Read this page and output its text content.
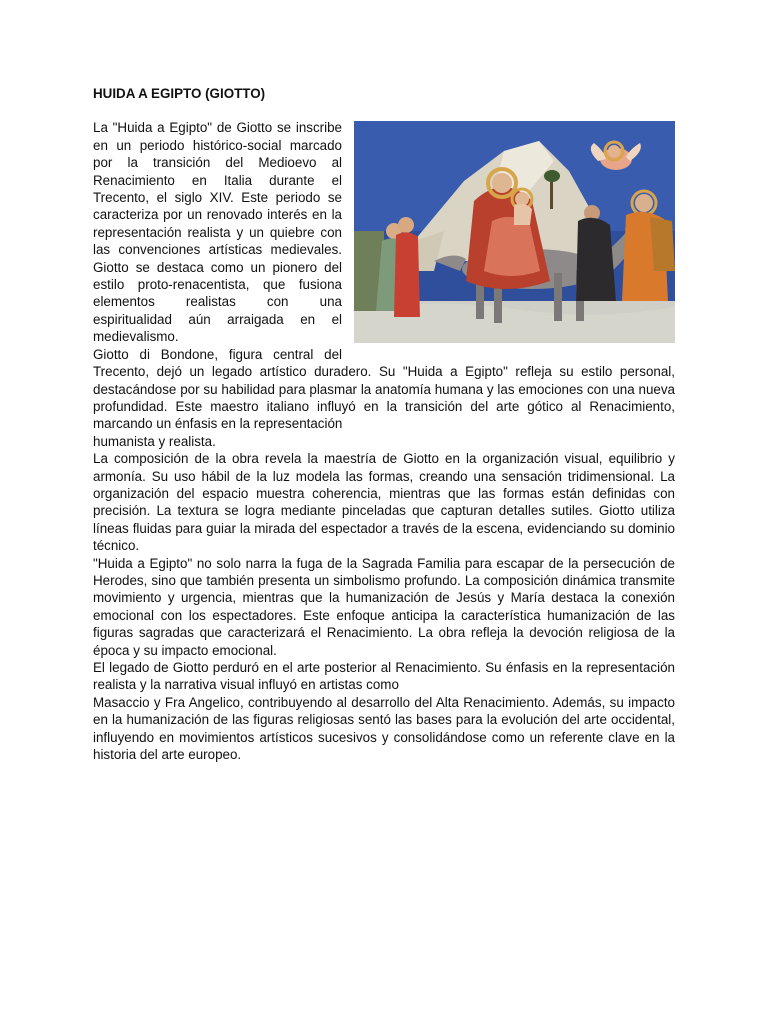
HUIDA A EGIPTO (GIOTTO)

La "Huida a Egipto" de Giotto se inscribe en un periodo histórico-social marcado por la transición del Medioevo al Renacimiento en Italia durante el Trecento, el siglo XIV. Este periodo se caracteriza por un renovado interés en la representación realista y un quiebre con las convenciones artísticas medievales. Giotto se destaca como un pionero del estilo proto-renacentista, que fusiona elementos realistas con una espiritualidad aún arraigada en el medievalismo.

Giotto di Bondone, figura central del Trecento, dejó un legado artístico duradero. Su "Huida a Egipto" refleja su estilo personal, destacándose por su habilidad para plasmar la anatomía humana y las emociones con una nueva profundidad. Este maestro italiano influyó en la transición del arte gótico al Renacimiento, marcando un énfasis en la representación

humanista y realista.

La composición de la obra revela la maestría de Giotto en la organización visual, equilibrio y armonía. Su uso hábil de la luz modela las formas, creando una sensación tridimensional. La organización del espacio muestra coherencia, mientras que las formas están definidas con precisión. La textura se logra mediante pinceladas que capturan detalles sutiles. Giotto utiliza líneas fluidas para guiar la mirada del espectador a través de la escena, evidenciando su dominio técnico.

"Huida a Egipto" no solo narra la fuga de la Sagrada Familia para escapar de la persecución de Herodes, sino que también presenta un simbolismo profundo. La composición dinámica transmite movimiento y urgencia, mientras que la humanización de Jesús y María destaca la conexión emocional con los espectadores. Este enfoque anticipa la característica humanización de las figuras sagradas que caracterizará el Renacimiento. La obra refleja la devoción religiosa de la época y su impacto emocional.

El legado de Giotto perduró en el arte posterior al Renacimiento. Su énfasis en la representación realista y la narrativa visual influyó en artistas como

Masaccio y Fra Angelico, contribuyendo al desarrollo del Alta Renacimiento. Además, su impacto en la humanización de las figuras religiosas sentó las bases para la evolución del arte occidental, influyendo en movimientos artísticos sucesivos y consolidándose como un referente clave en la historia del arte europeo.
